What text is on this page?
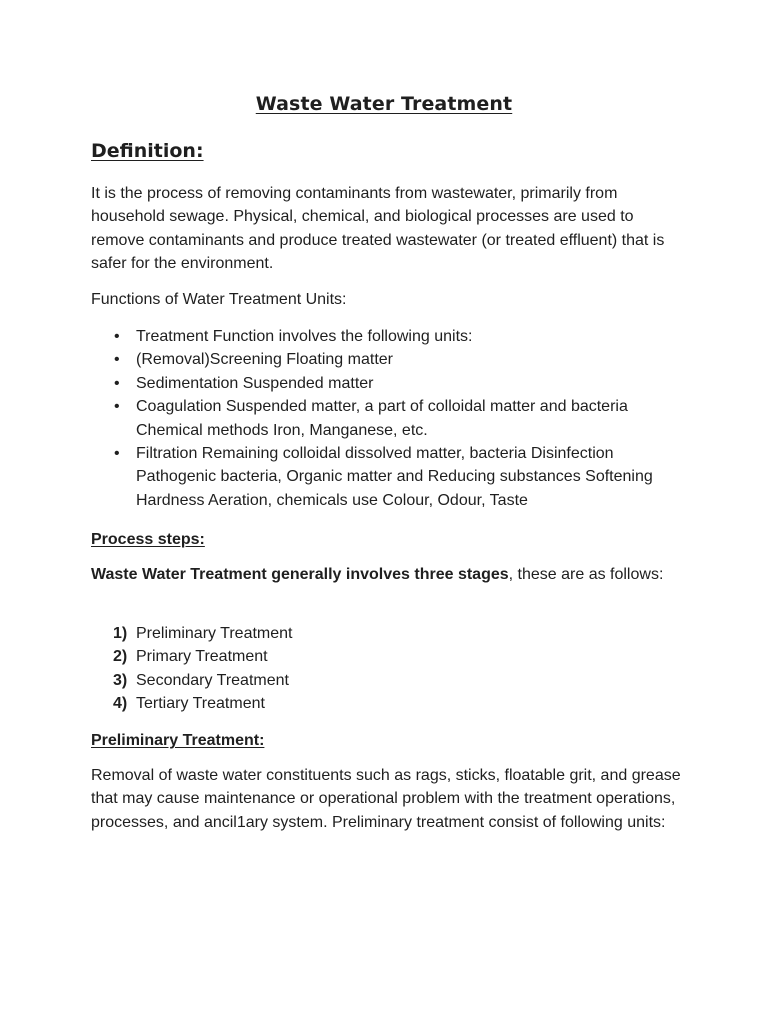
Waste Water Treatment
Definition:

It is the process of removing contaminants from wastewater, primarily from household sewage. Physical, chemical, and biological processes are used to remove contaminants and produce treated wastewater (or treated effluent) that is safer for the environment.

Functions of Water Treatment Units:

• Treatment Function involves the following units:
• (Removal)Screening Floating matter
• Sedimentation Suspended matter
• Coagulation Suspended matter, a part of colloidal matter and bacteria Chemical methods Iron, Manganese, etc.
• Filtration Remaining colloidal dissolved matter, bacteria Disinfection Pathogenic bacteria, Organic matter and Reducing substances Softening Hardness Aeration, chemicals use Colour, Odour, Taste

Process steps:

Waste Water Treatment generally involves three stages, these are as follows:

1) Preliminary Treatment
2) Primary Treatment
3) Secondary Treatment
4) Tertiary Treatment

Preliminary Treatment:

Removal of waste water constituents such as rags, sticks, floatable grit, and grease that may cause maintenance or operational problem with the treatment operations, processes, and ancil1ary system. Preliminary treatment consist of following units:
